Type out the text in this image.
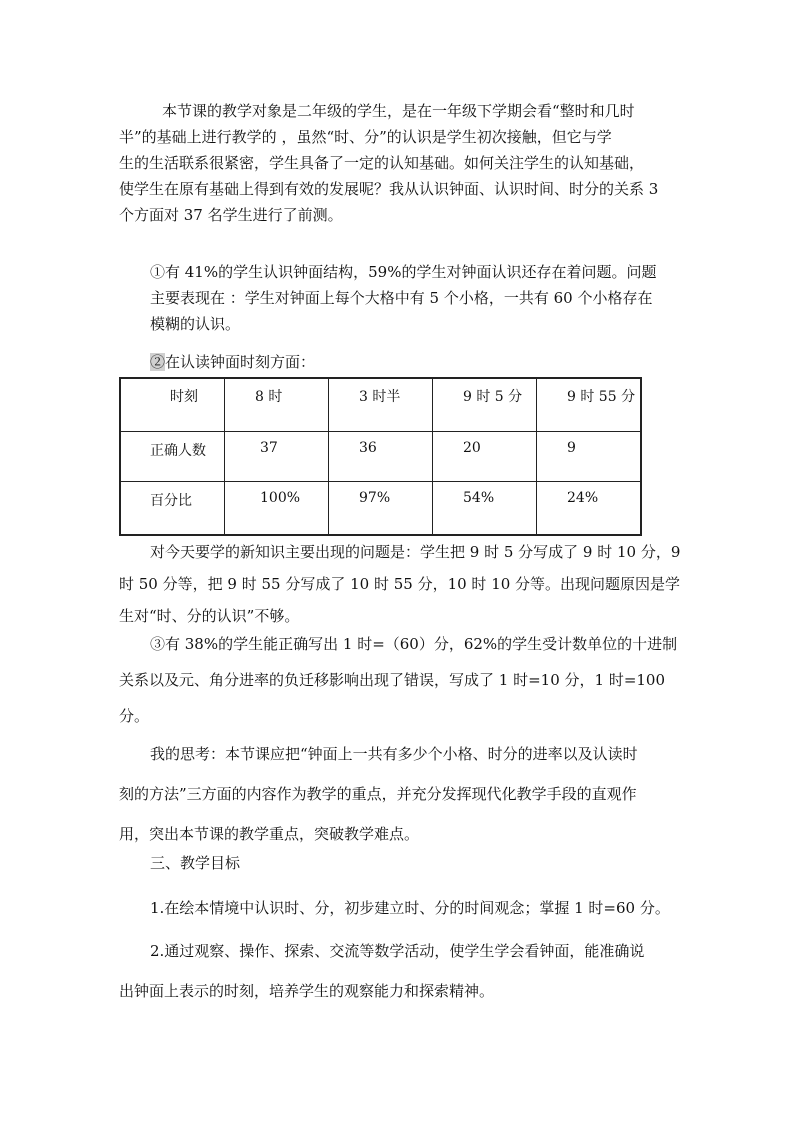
本节课的教学对象是二年级的学生，是在一年级下学期会看“整时和几时
半”的基础上进行教学的 ，虽然“时、分”的认识是学生初次接触，但它与学
生的生活联系很紧密，学生具备了一定的认知基础。如何关注学生的认知基础，
使学生在原有基础上得到有效的发展呢？我从认识钟面、认识时间、时分的关系 3
个方面对 37 名学生进行了前测。
①有 41%的学生认识钟面结构，59%的学生对钟面认识还存在着问题。问题
主要表现在 ：学生对钟面上每个大格中有 5 个小格，一共有 60 个小格存在
模糊的认识。
②在认读钟面时刻方面：
时刻	8 时	3 时半	9 时 5 分	9 时 55 分
正确人数	37	36	20	9
百分比	100%	97%	54%	24%
对今天要学的新知识主要出现的问题是：学生把 9 时 5 分写成了 9 时 10 分，9
时 50 分等，把 9 时 55 分写成了 10 时 55 分，10 时 10 分等。出现问题原因是学
生对“时、分的认识”不够。
③有 38%的学生能正确写出 1 时=（60）分，62%的学生受计数单位的十进制
关系以及元、角分进率的负迁移影响出现了错误，写成了 1 时=10 分，1 时=100
分。
我的思考：本节课应把“钟面上一共有多少个小格、时分的进率以及认读时
刻的方法”三方面的内容作为教学的重点，并充分发挥现代化教学手段的直观作
用，突出本节课的教学重点，突破教学难点。
三、教学目标
1.在绘本情境中认识时、分，初步建立时、分的时间观念；掌握 1 时=60 分。
2.通过观察、操作、探索、交流等数学活动，使学生学会看钟面，能准确说
出钟面上表示的时刻，培养学生的观察能力和探索精神。
